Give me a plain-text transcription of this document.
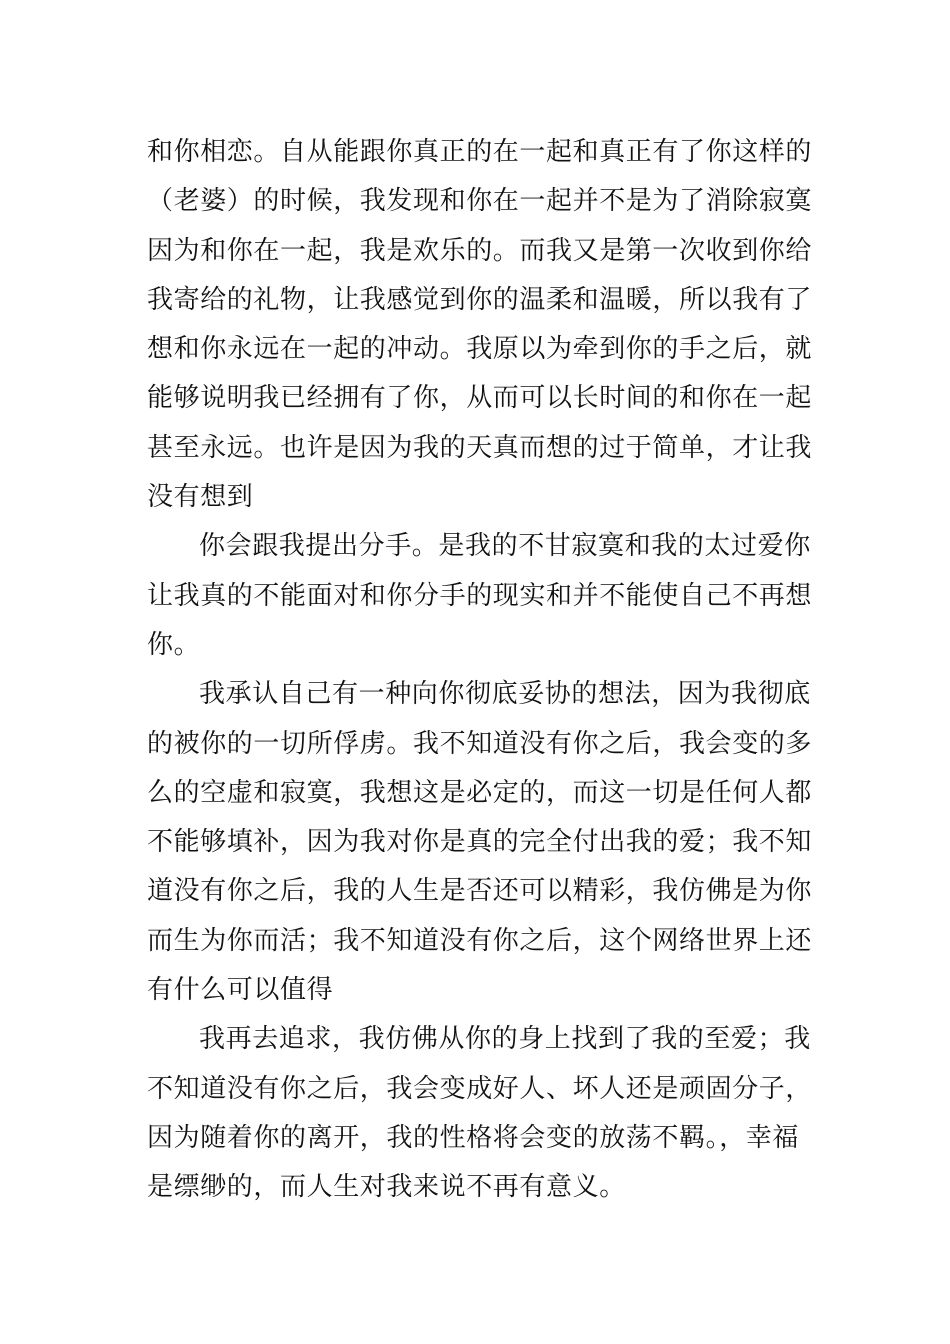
和你相恋。自从能跟你真正的在一起和真正有了你这样的
（老婆）的时候，我发现和你在一起并不是为了消除寂寞
因为和你在一起，我是欢乐的。而我又是第一次收到你给
我寄给的礼物，让我感觉到你的温柔和温暖，所以我有了
想和你永远在一起的冲动。我原以为牵到你的手之后，就
能够说明我已经拥有了你，从而可以长时间的和你在一起
甚至永远。也许是因为我的天真而想的过于简单，才让我
没有想到
你会跟我提出分手。是我的不甘寂寞和我的太过爱你
让我真的不能面对和你分手的现实和并不能使自己不再想
你。
我承认自己有一种向你彻底妥协的想法，因为我彻底
的被你的一切所俘虏。我不知道没有你之后，我会变的多
么的空虚和寂寞，我想这是必定的，而这一切是任何人都
不能够填补，因为我对你是真的完全付出我的爱；我不知
道没有你之后，我的人生是否还可以精彩，我仿佛是为你
而生为你而活；我不知道没有你之后，这个网络世界上还
有什么可以值得
我再去追求，我仿佛从你的身上找到了我的至爱；我
不知道没有你之后，我会变成好人、坏人还是顽固分子，
因为随着你的离开，我的性格将会变的放荡不羁。，幸福
是缥缈的，而人生对我来说不再有意义。
